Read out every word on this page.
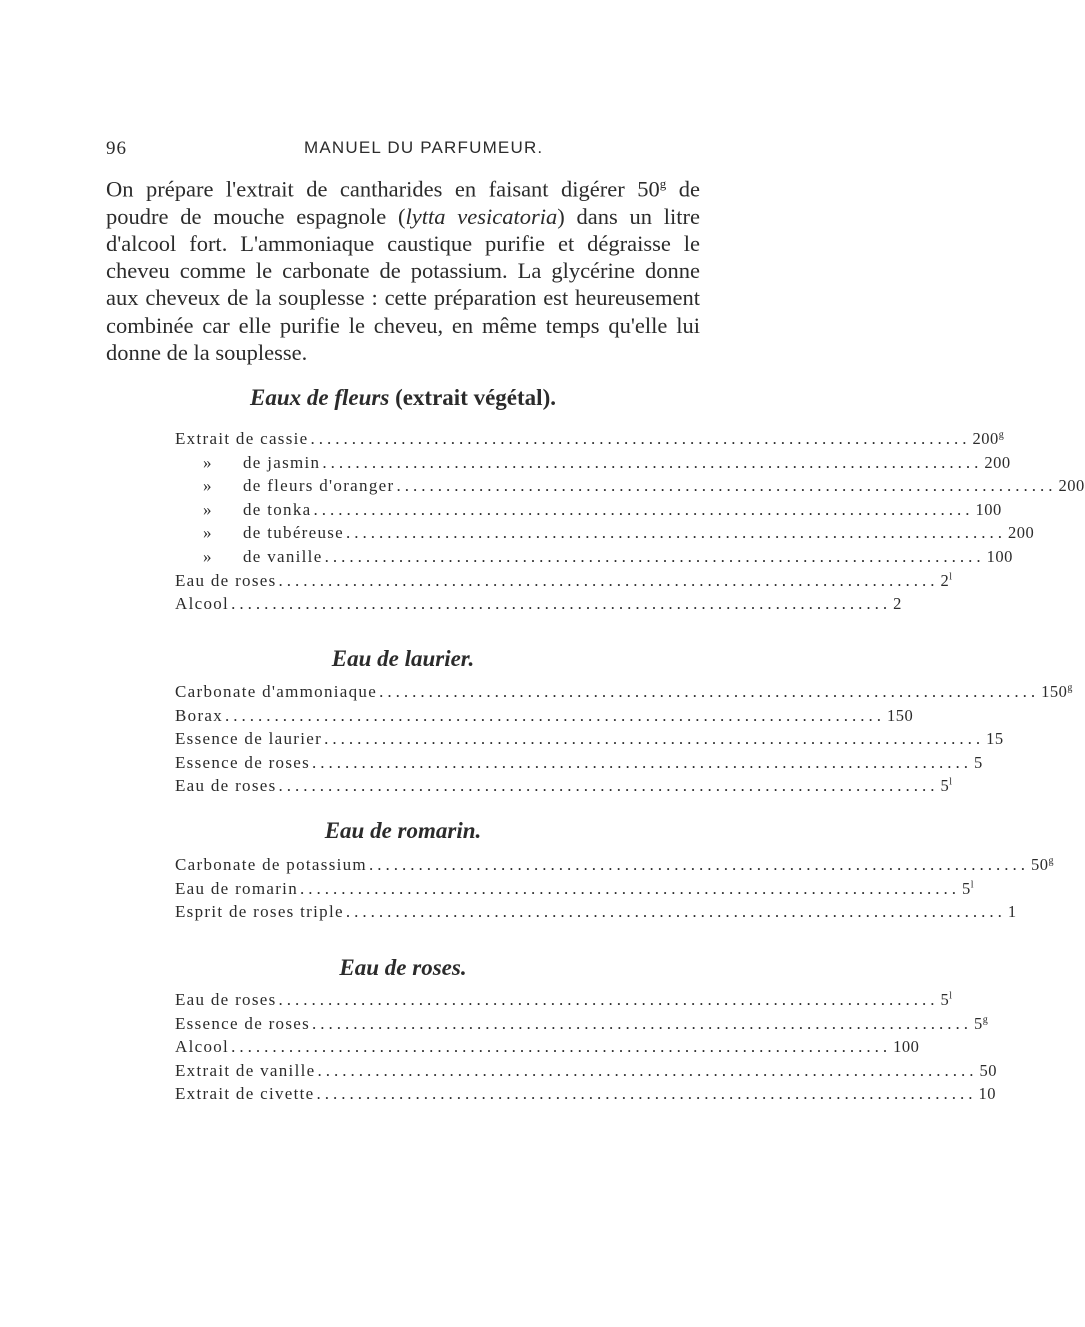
96	MANUEL DU PARFUMEUR.

On prépare l'extrait de cantharides en faisant digérer 50$^g$ de poudre de mouche espagnole (lytta vesicatoria) dans un litre d'alcool fort. L'ammoniaque caustique purifie et dégraisse le cheveu comme le carbonate de potassium. La glycérine donne aux cheveux de la souplesse : cette préparation est heureusement combinée car elle purifie le cheveu, en même temps qu'elle lui donne de la souplesse.

Eaux de fleurs (extrait végétal).
Extrait de cassie ................................................................................ 200$^g$
» de jasmin ................................................................................ 200
» de fleurs d'oranger ................................................................................ 200
» de tonka ................................................................................ 100
» de tubéreuse ................................................................................ 200
» de vanille ................................................................................ 100
Eau de roses ................................................................................ 2$^l$
Alcool ................................................................................ 2
Eau de laurier.
Carbonate d'ammoniaque ................................................................................ 150$^g$
Borax ................................................................................ 150
Essence de laurier ................................................................................ 15
Essence de roses ................................................................................ 5
Eau de roses ................................................................................ 5$^l$
Eau de romarin.
Carbonate de potassium ................................................................................ 50$^g$
Eau de romarin ................................................................................ 5$^l$
Esprit de roses triple ................................................................................ 1
Eau de roses.
Eau de roses ................................................................................ 5$^l$
Essence de roses ................................................................................ 5$^g$
Alcool ................................................................................ 100
Extrait de vanille ................................................................................ 50
Extrait de civette ................................................................................ 10
